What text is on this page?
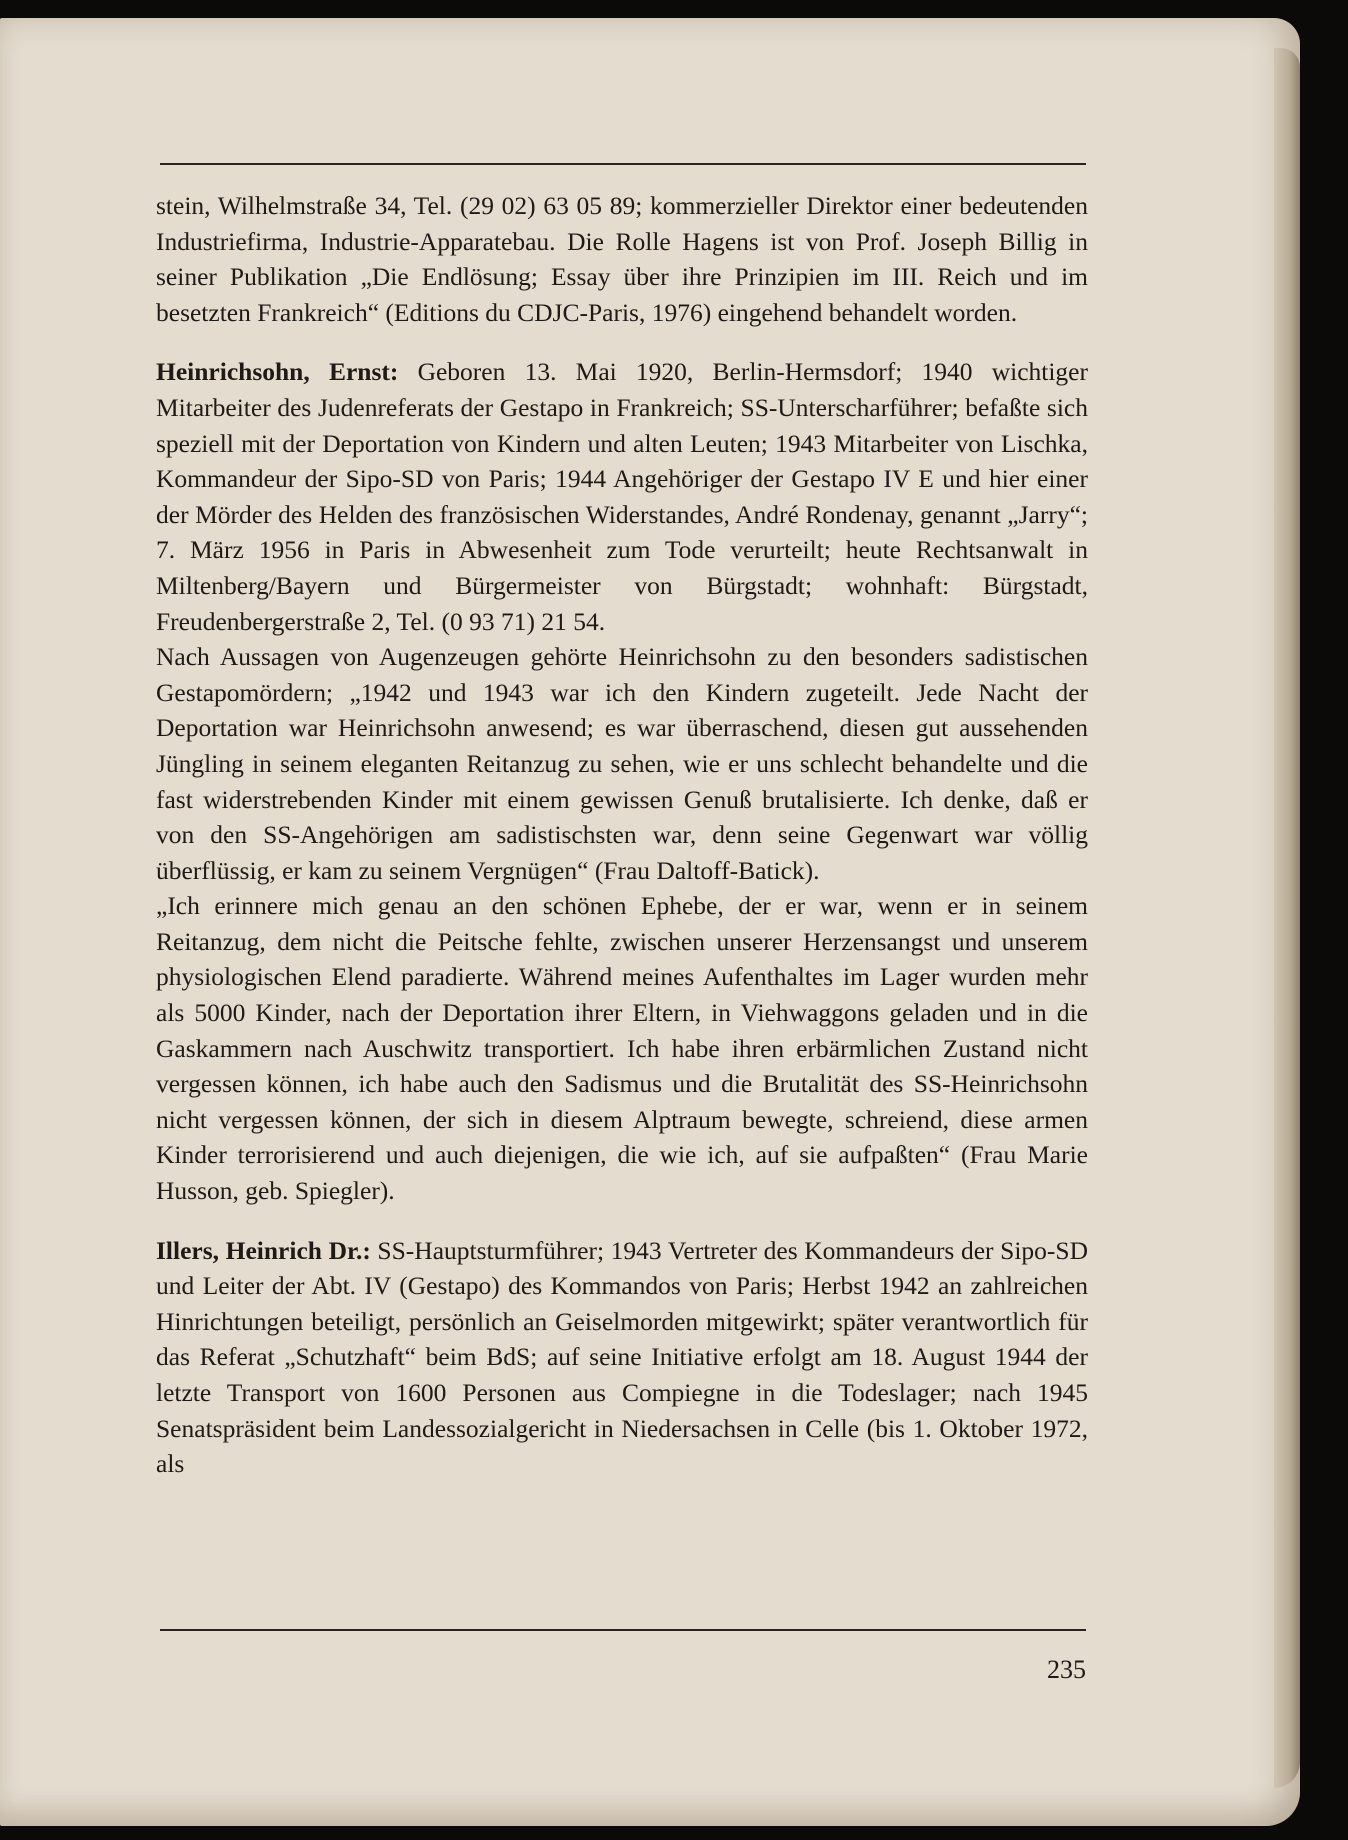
stein, Wilhelmstraße 34, Tel. (29 02) 63 05 89; kommerzieller Direktor einer bedeutenden Industriefirma, Industrie-Apparatebau. Die Rolle Hagens ist von Prof. Joseph Billig in seiner Publikation „Die Endlösung; Essay über ihre Prinzipien im III. Reich und im besetzten Frankreich“ (Editions du CDJC-Paris, 1976) eingehend behandelt worden.

Heinrichsohn, Ernst: Geboren 13. Mai 1920, Berlin-Hermsdorf; 1940 wichtiger Mitarbeiter des Judenreferats der Gestapo in Frankreich; SS-Unterscharführer; befaßte sich speziell mit der Deportation von Kindern und alten Leuten; 1943 Mitarbeiter von Lischka, Kommandeur der Sipo-SD von Paris; 1944 Angehöriger der Gestapo IV E und hier einer der Mörder des Helden des französischen Widerstandes, André Rondenay, genannt „Jarry“; 7. März 1956 in Paris in Abwesenheit zum Tode verurteilt; heute Rechtsanwalt in Miltenberg/Bayern und Bürgermeister von Bürgstadt; wohnhaft: Bürgstadt, Freudenbergerstraße 2, Tel. (0 93 71) 21 54.

Nach Aussagen von Augenzeugen gehörte Heinrichsohn zu den besonders sadistischen Gestapomördern; „1942 und 1943 war ich den Kindern zugeteilt. Jede Nacht der Deportation war Heinrichsohn anwesend; es war überraschend, diesen gut aussehenden Jüngling in seinem eleganten Reitanzug zu sehen, wie er uns schlecht behandelte und die fast widerstrebenden Kinder mit einem gewissen Genuß brutalisierte. Ich denke, daß er von den SS-Angehörigen am sadistischsten war, denn seine Gegenwart war völlig überflüssig, er kam zu seinem Vergnügen“ (Frau Daltoff-Batick).

„Ich erinnere mich genau an den schönen Ephebe, der er war, wenn er in seinem Reitanzug, dem nicht die Peitsche fehlte, zwischen unserer Herzensangst und unserem physiologischen Elend paradierte. Während meines Aufenthaltes im Lager wurden mehr als 5000 Kinder, nach der Deportation ihrer Eltern, in Viehwaggons geladen und in die Gaskammern nach Auschwitz transportiert. Ich habe ihren erbärmlichen Zustand nicht vergessen können, ich habe auch den Sadismus und die Brutalität des SS-Heinrichsohn nicht vergessen können, der sich in diesem Alptraum bewegte, schreiend, diese armen Kinder terrorisierend und auch diejenigen, die wie ich, auf sie aufpaßten“ (Frau Marie Husson, geb. Spiegler).

Illers, Heinrich Dr.: SS-Hauptsturmführer; 1943 Vertreter des Kommandeurs der Sipo-SD und Leiter der Abt. IV (Gestapo) des Kommandos von Paris; Herbst 1942 an zahlreichen Hinrichtungen beteiligt, persönlich an Geiselmorden mitgewirkt; später verantwortlich für das Referat „Schutzhaft“ beim BdS; auf seine Initiative erfolgt am 18. August 1944 der letzte Transport von 1600 Personen aus Compiegne in die Todeslager; nach 1945 Senatspräsident beim Landessozialgericht in Niedersachsen in Celle (bis 1. Oktober 1972, als

235
